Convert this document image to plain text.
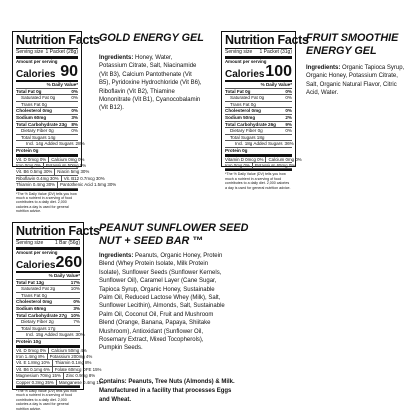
Nutrition Facts
Serving size 1 Packet (28g)
Amount per serving
Calories 90
% Daily Value*
Total Fat 0g	0%
Saturated Fat 0g	0%
Trans Fat 0g
Cholesterol 0mg	0%
Sodium 60mg	3%
Total Carbohydrate 23g 8%
Dietary Fiber 0g	0%
Total Sugars 14g
Incl. 14g Added Sugars 28%
Protein 0g
Vit. D 0mcg 0%	Calcium 0mg 0%
Iron 0mg 0%	Potassium 50mg 0%
Vit. B6 0.5mg 30%	Niacin 5mg 30%
Riboflavin 0.4mg 30%	Vit. B12 0.7mcg 30%
Thiamin 0.4mg 30%	Pantothenic Acid 1.5mg 30%
*The % Daily Value (DV) tells you how much a nutrient in a serving of food contributes to a daily diet. 2,000 calories a day is used for general nutrition advice.
GOLD ENERGY GEL
Ingredients: Honey, Water, Potassium Citrate, Salt, Niacinamide (Vit B3), Calcium Pantothenate (Vit B5), Pyridoxine Hydrochloride (Vit B6), Riboflavin (Vit B2), Thiamine Mononitrate (Vit B1), Cyanocobalamin (Vit B12).
Nutrition Facts
Serving size 1 Packet (31g)
Amount per serving
Calories 100
% Daily Value*
Total Fat 0g	0%
Saturated Fat 0g	0%
Trans Fat 0g
Cholesterol 0mg	0%
Sodium 50mg	2%
Total Carbohydrate 26g	9%
Dietary Fiber 0g	0%
Total Sugars 18g
Incl. 18g Added Sugars 36%
Protein 0g
Vitamin D 0mcg 0%	Calcium 0mg 0%
Iron 0mg 0%	Potassium 65mg 0%
*The % Daily Value (DV) tells you how much a nutrient in a serving of food contributes to a daily diet. 2,000 calories a day is used for general nutrition advice.
FRUIT SMOOTHIE
ENERGY GEL
Ingredients: Organic Tapioca Syrup, Organic Honey, Potassium Citrate, Salt, Organic Natural Flavor, Citric Acid, Water.
Nutrition Facts
Serving size 1 Bar (56g)
Amount per serving
Calories 260
% Daily Value*
Total Fat 13g	17%
Saturated Fat 2g	10%
Trans Fat 0g
Cholesterol 0mg	0%
Sodium 65mg	3%
Total Carbohydrate 27g 10%
Dietary Fiber 2g	7%
Total Sugars 17g
Incl. 15g Added Sugars 30%
Protein 10g
Vit. D 0mcg 0%	Calcium 50mg 4%
Iron 1.4mg 8%	Potassium 200mg 4%
Vit. E 1.8mg 10%	Thiamin 0.1mg 8%
Vit. B6 0.1mg 6%	Folate 60mcg DFE 15%
Magnesium 70mg 15%	Zinc 0.9mg 8%
Copper 0.3mg 35%	Manganese 0.4mg 15%
*The % Daily Value (DV) tells you how much a nutrient in a serving of food contributes to a daily diet. 2,000 calories a day is used for general nutrition advice.
PEANUT SUNFLOWER SEED
NUT + SEED BAR ™
Ingredients: Peanuts, Organic Honey, Protein Blend (Whey Protein Isolate, Milk Protein Isolate), Sunflower Seeds (Sunflower Kernels, Sunflower Oil), Caramel Layer (Cane Sugar, Tapioca Syrup, Organic Honey, Sustainable Palm Oil, Reduced Lactose Whey (Milk), Salt, Sunflower Lecithin), Almonds, Salt, Sustainable Palm Oil, Coconut Oil, Fruit and Mushroom Blend (Orange, Banana, Papaya, Shiitake Mushroom), Antioxidant (Sunflower Oil, Rosemary Extract, Mixed Tocopherols), Pumpkin Seeds.
Contains: Peanuts, Tree Nuts (Almonds) & Milk. Manufactured in a facility that processes Eggs and Wheat.
